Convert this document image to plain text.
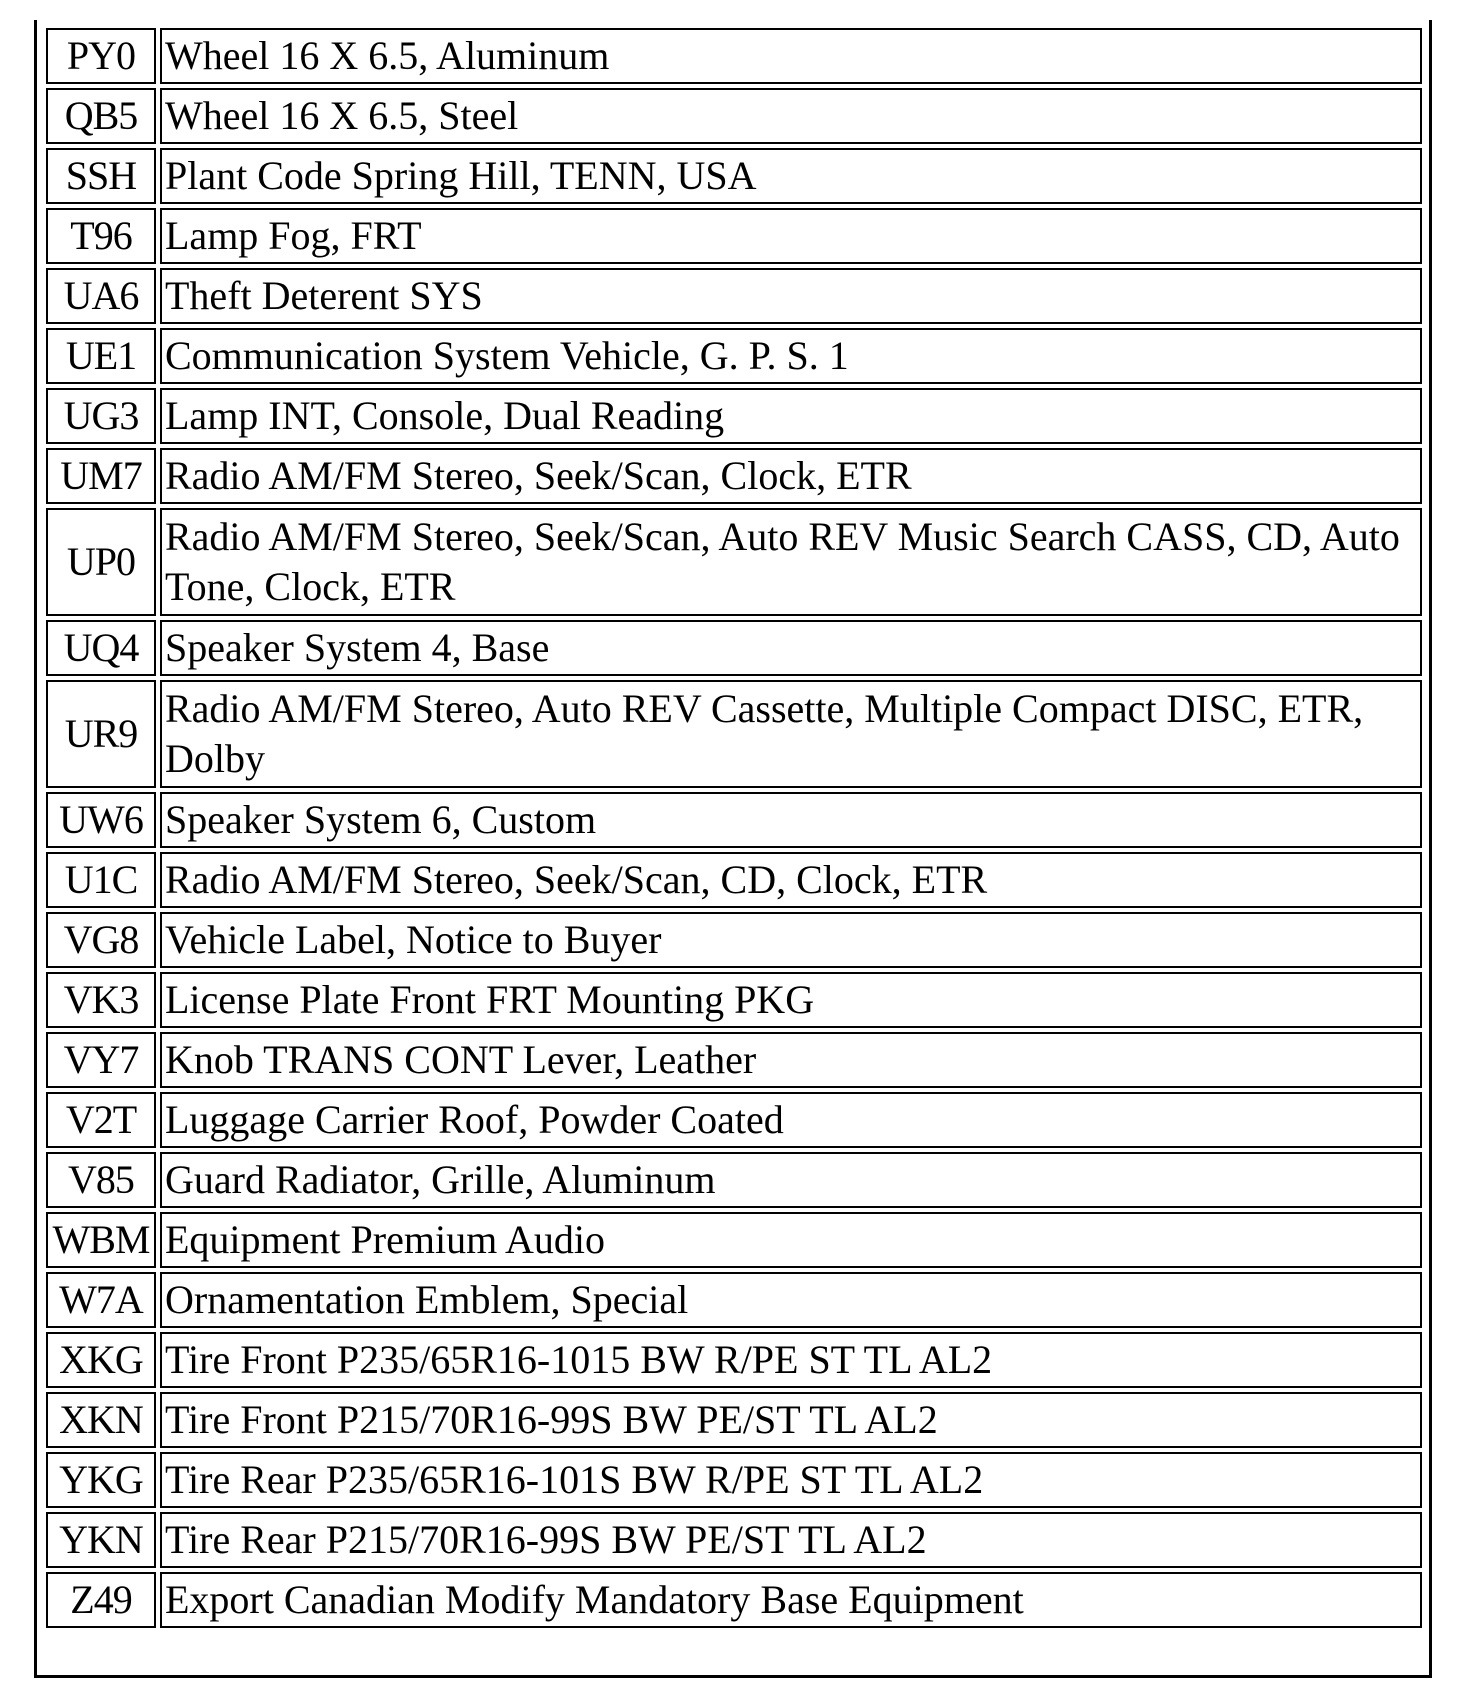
PY0	Wheel 16 X 6.5, Aluminum
QB5	Wheel 16 X 6.5, Steel
SSH	Plant Code Spring Hill, TENN, USA
T96	Lamp Fog, FRT
UA6	Theft Deterent SYS
UE1	Communication System Vehicle, G. P. S. 1
UG3	Lamp INT, Console, Dual Reading
UM7	Radio AM/FM Stereo, Seek/Scan, Clock, ETR
UP0	Radio AM/FM Stereo, Seek/Scan, Auto REV Music Search CASS, CD, Auto Tone, Clock, ETR
UQ4	Speaker System 4, Base
UR9	Radio AM/FM Stereo, Auto REV Cassette, Multiple Compact DISC, ETR, Dolby
UW6	Speaker System 6, Custom
U1C	Radio AM/FM Stereo, Seek/Scan, CD, Clock, ETR
VG8	Vehicle Label, Notice to Buyer
VK3	License Plate Front FRT Mounting PKG
VY7	Knob TRANS CONT Lever, Leather
V2T	Luggage Carrier Roof, Powder Coated
V85	Guard Radiator, Grille, Aluminum
WBM	Equipment Premium Audio
W7A	Ornamentation Emblem, Special
XKG	Tire Front P235/65R16-1015 BW R/PE ST TL AL2
XKN	Tire Front P215/70R16-99S BW PE/ST TL AL2
YKG	Tire Rear P235/65R16-101S BW R/PE ST TL AL2
YKN	Tire Rear P215/70R16-99S BW PE/ST TL AL2
Z49	Export Canadian Modify Mandatory Base Equipment
